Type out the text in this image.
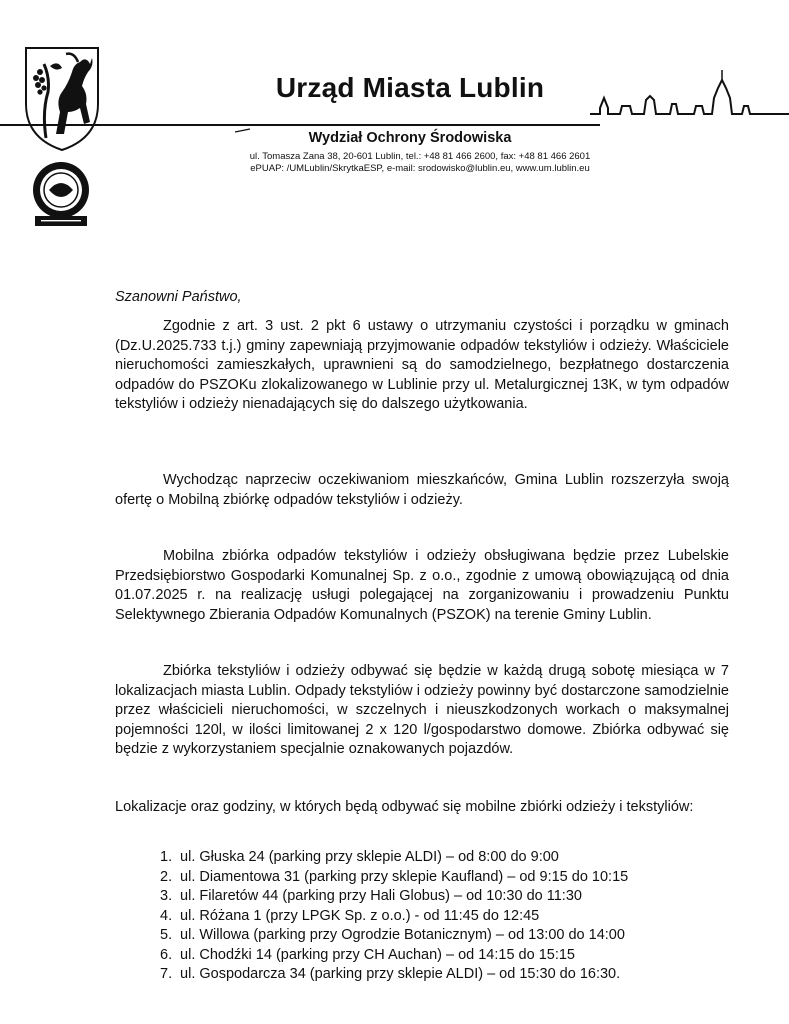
Urząd Miasta Lublin
Wydział Ochrony Środowiska
ul. Tomasza Zana 38, 20-601 Lublin, tel.: +48 81 466 2600, fax: +48 81 466 2601
ePUAP: /UMLublin/SkrytkaESP, e-mail: srodowisko@lublin.eu, www.um.lublin.eu
Szanowni Państwo,

Zgodnie z art. 3 ust. 2 pkt 6 ustawy o utrzymaniu czystości i porządku w gminach (Dz.U.2025.733 t.j.) gminy zapewniają przyjmowanie odpadów tekstyliów i odzieży. Właściciele nieruchomości zamieszkałych, uprawnieni są do samodzielnego, bezpłatnego dostarczenia odpadów do PSZOKu zlokalizowanego w Lublinie przy ul. Metalurgicznej 13K, w tym odpadów tekstyliów i odzieży nienadających się do dalszego użytkowania.

Wychodząc naprzeciw oczekiwaniom mieszkańców, Gmina Lublin rozszerzyła swoją ofertę o Mobilną zbiórkę odpadów tekstyliów i odzieży.

Mobilna zbiórka odpadów tekstyliów i odzieży obsługiwana będzie przez Lubelskie Przedsiębiorstwo Gospodarki Komunalnej Sp. z o.o., zgodnie z umową obowiązującą od dnia 01.07.2025 r. na realizację usługi polegającej na zorganizowaniu i prowadzeniu Punktu Selektywnego Zbierania Odpadów Komunalnych (PSZOK) na terenie Gminy Lublin.

Zbiórka tekstyliów i odzieży odbywać się będzie w każdą drugą sobotę miesiąca w 7 lokalizacjach miasta Lublin. Odpady tekstyliów i odzieży powinny być dostarczone samodzielnie przez właścicieli nieruchomości, w szczelnych i nieuszkodzonych workach o maksymalnej pojemności 120l, w ilości limitowanej 2 x 120 l/gospodarstwo domowe. Zbiórka odbywać się będzie z wykorzystaniem specjalnie oznakowanych pojazdów.

Lokalizacje oraz godziny, w których będą odbywać się mobilne zbiórki odzieży i tekstyliów:

1. ul. Głuska 24 (parking przy sklepie ALDI) – od 8:00 do 9:00
2. ul. Diamentowa 31 (parking przy sklepie Kaufland) – od 9:15 do 10:15
3. ul. Filaretów 44 (parking przy Hali Globus) – od 10:30 do 11:30
4. ul. Różana 1 (przy LPGK Sp. z o.o.) - od 11:45 do 12:45
5. ul. Willowa (parking przy Ogrodzie Botanicznym) – od 13:00 do 14:00
6. ul. Chodźki 14 (parking przy CH Auchan) – od 14:15 do 15:15
7. ul. Gospodarcza 34 (parking przy sklepie ALDI) – od 15:30 do 16:30.
